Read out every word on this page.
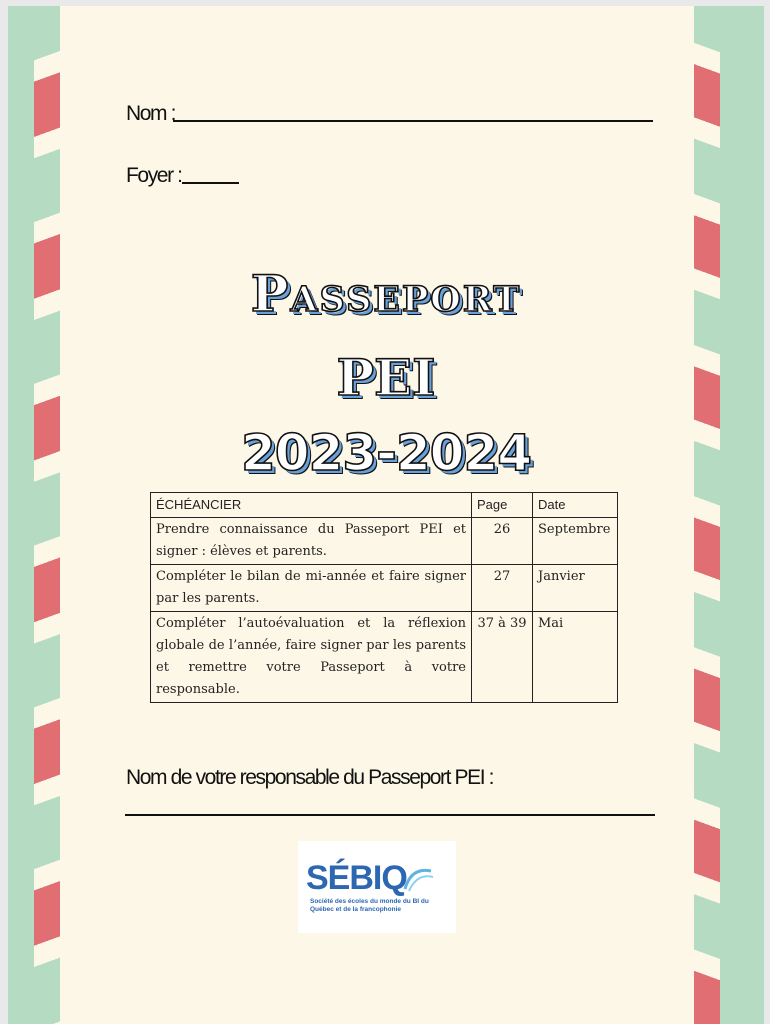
Nom :
Foyer :
Passeport
PEI
2023-2024
ÉCHÉANCIER	Page	Date
Prendre connaissance du Passeport PEI et signer : élèves et parents.	26	Septembre
Compléter le bilan de mi-année et faire signer par les parents.	27	Janvier
Compléter l’autoévaluation et la réflexion globale de l’année, faire signer par les parents et remettre votre Passeport à votre responsable.	37 à 39	Mai
Nom de votre responsable du Passeport PEI :
SÉBIQ
Société des écoles du monde du BI du Québec et de la francophonie
